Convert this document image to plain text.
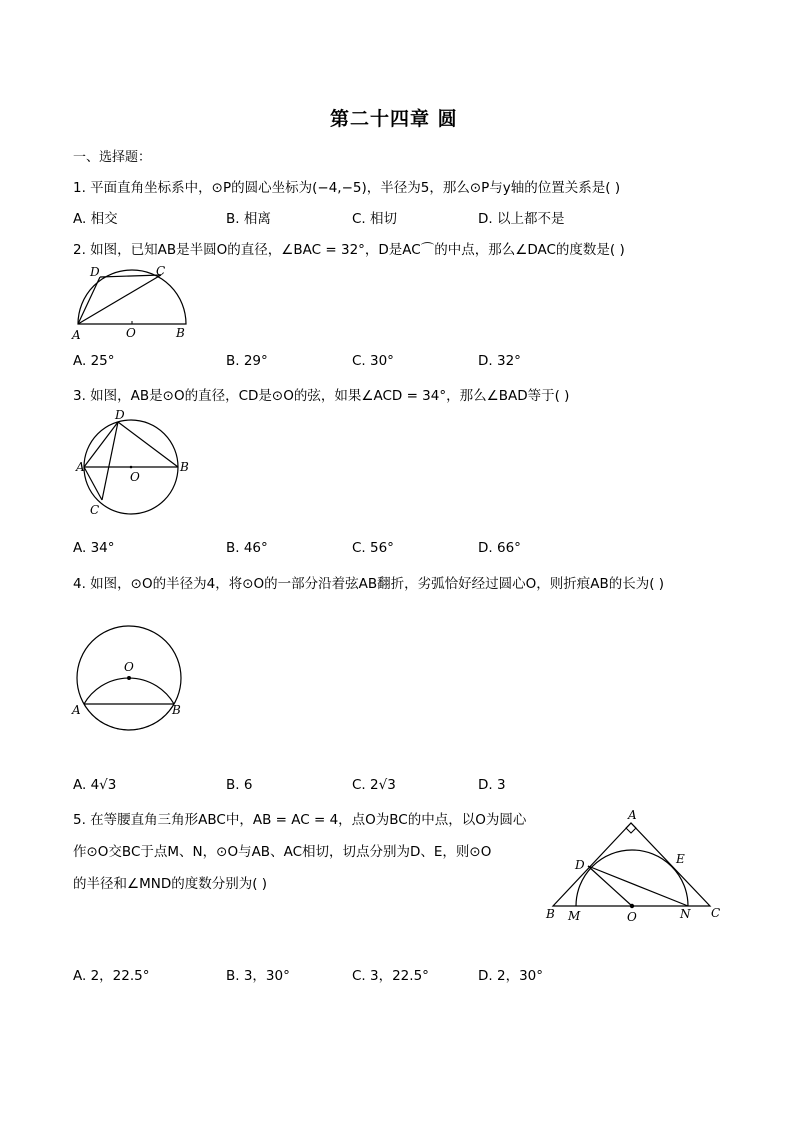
第二十四章 圆
一、选择题：
1. 平面直角坐标系中，⊙P的圆心坐标为(−4,−5)，半径为5，那么⊙P与y轴的位置关系是( )
A. 相交	B. 相离	C. 相切	D. 以上都不是
2. 如图，已知AB是半圆O的直径，∠BAC = 32°，D是AC⌒的中点，那么∠DAC的度数是( )
D	C
A	O	B
A. 25°	B. 29°	C. 30°	D. 32°
3. 如图，AB是⊙O的直径，CD是⊙O的弦，如果∠ACD = 34°，那么∠BAD等于( )
D
A
O
B
C
A. 34°	B. 46°	C. 56°	D. 66°
4. 如图，⊙O的半径为4，将⊙O的一部分沿着弦AB翻折，劣弧恰好经过圆心O，则折痕AB的长为( )
O
A	B
A. 4√3	B. 6	C. 2√3	D. 3
5. 在等腰直角三角形ABC中，AB = AC = 4，点O为BC的中点，以O为圆心
作⊙O交BC于点M、N，⊙O与AB、AC相切，切点分别为D、E，则⊙O
的半径和∠MND的度数分别为( )
A
D	E
B M	O	N C
A. 2，22.5°	B. 3，30°	C. 3，22.5°	D. 2，30°
